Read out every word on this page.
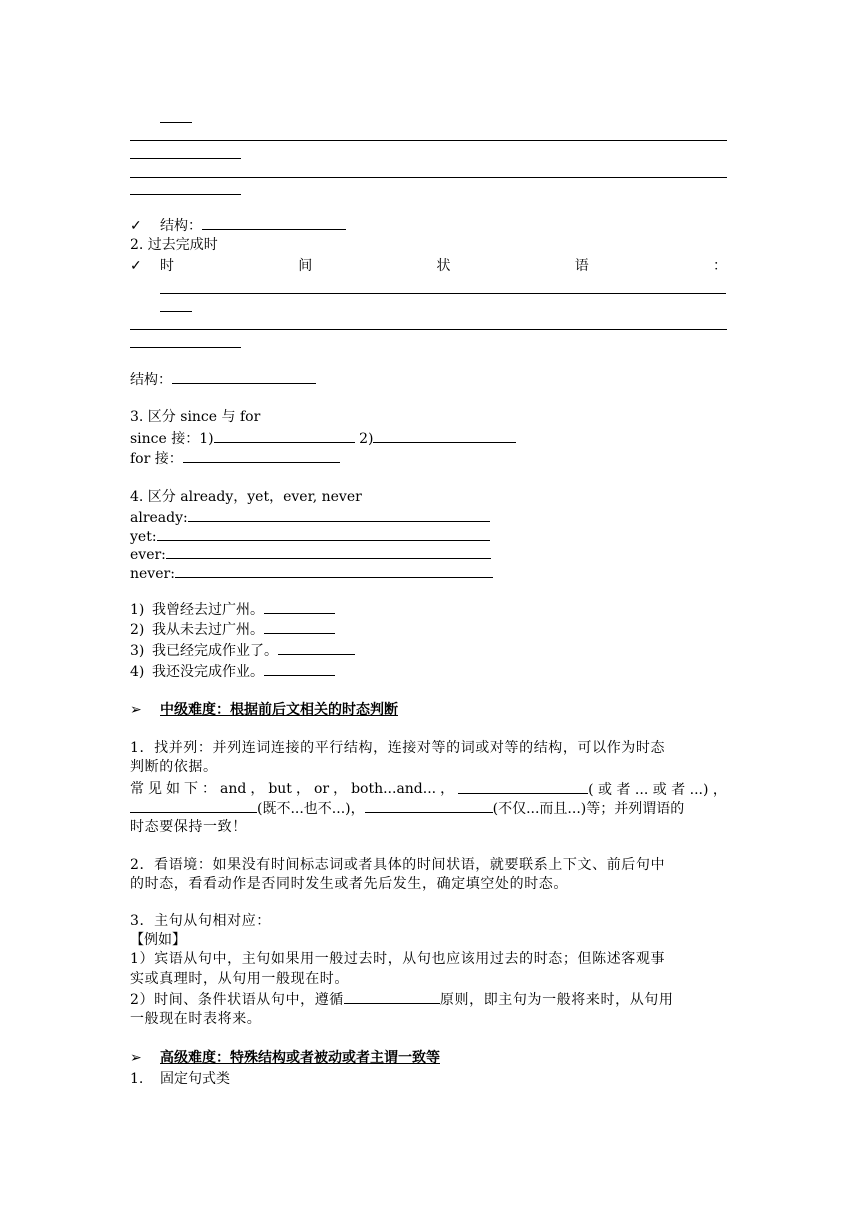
✓ 结构：
2. 过去完成时
✓ 时	间	状	语	：
结构：
3. 区分 since 与 for
since 接：1)	2)
for 接：
4. 区分 already，yet，ever, never
already:
yet:
ever:
never:
1) 我曾经去过广州。
2) 我从未去过广州。
3) 我已经完成作业了。
4) 我还没完成作业。
➢ 中级难度：根据前后文相关的时态判断
1．找并列：并列连词连接的平行结构，连接对等的词或对等的结构，可以作为时态
判断的依据。
常 见 如 下 ： and ， but ， or ， both...and... ，	( 或 者 ... 或 者 ...) ，
(既不...也不...)，	(不仅...而且...)等；并列谓语的
时态要保持一致！
2．看语境：如果没有时间标志词或者具体的时间状语，就要联系上下文、前后句中
的时态，看看动作是否同时发生或者先后发生，确定填空处的时态。
3．主句从句相对应：
【例如】
1）宾语从句中，主句如果用一般过去时，从句也应该用过去的时态；但陈述客观事
实或真理时，从句用一般现在时。
2）时间、条件状语从句中，遵循	原则，即主句为一般将来时，从句用
一般现在时表将来。
➢ 高级难度：特殊结构或者被动或者主谓一致等
1. 固定句式类
